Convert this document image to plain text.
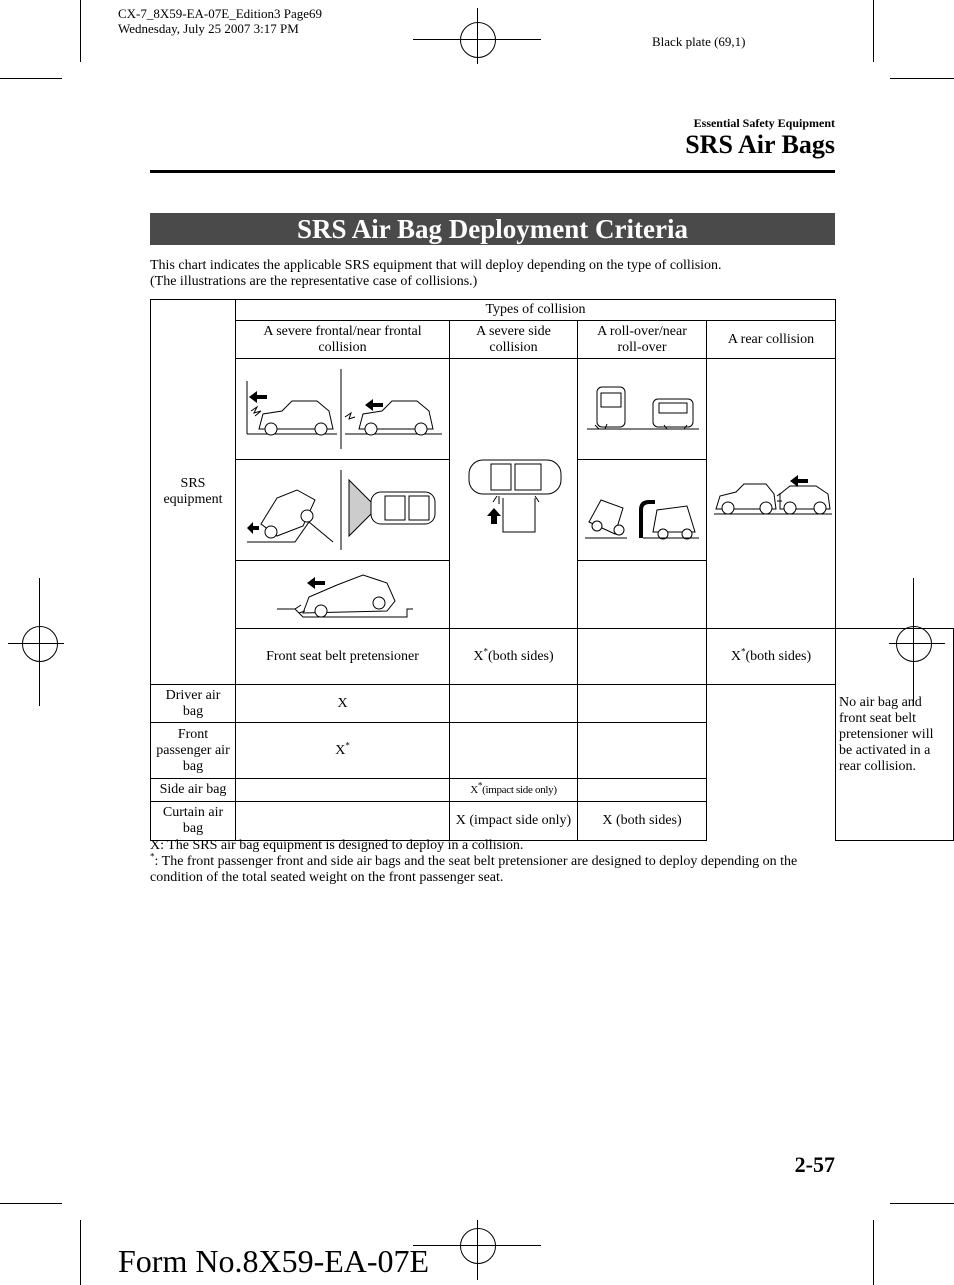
CX-7_8X59-EA-07E_Edition3 Page69
Wednesday, July 25 2007 3:17 PM
Black plate (69,1)
Essential Safety Equipment
SRS Air Bags
SRS Air Bag Deployment Criteria
This chart indicates the applicable SRS equipment that will deploy depending on the type of collision.
(The illustrations are the representative case of collisions.)
SRS equipment	Types of collision				
	A severe frontal/near frontal collision	A severe side collision	A roll-over/near roll-over	A rear collision	

	Front seat belt pretensioner	X*(both sides)		X*(both sides)	No air bag and front seat belt pretensioner will be activated in a rear collision.
Driver air bag	X				
Front passenger air bag	X*		
Side air bag		X*(impact side only)			
Curtain air bag		X (impact side only)	X (both sides)		
X: The SRS air bag equipment is designed to deploy in a collision.
*: The front passenger front and side air bags and the seat belt pretensioner are designed to deploy depending on the condition of the total seated weight on the front passenger seat.
2-57
Form No.8X59-EA-07E
